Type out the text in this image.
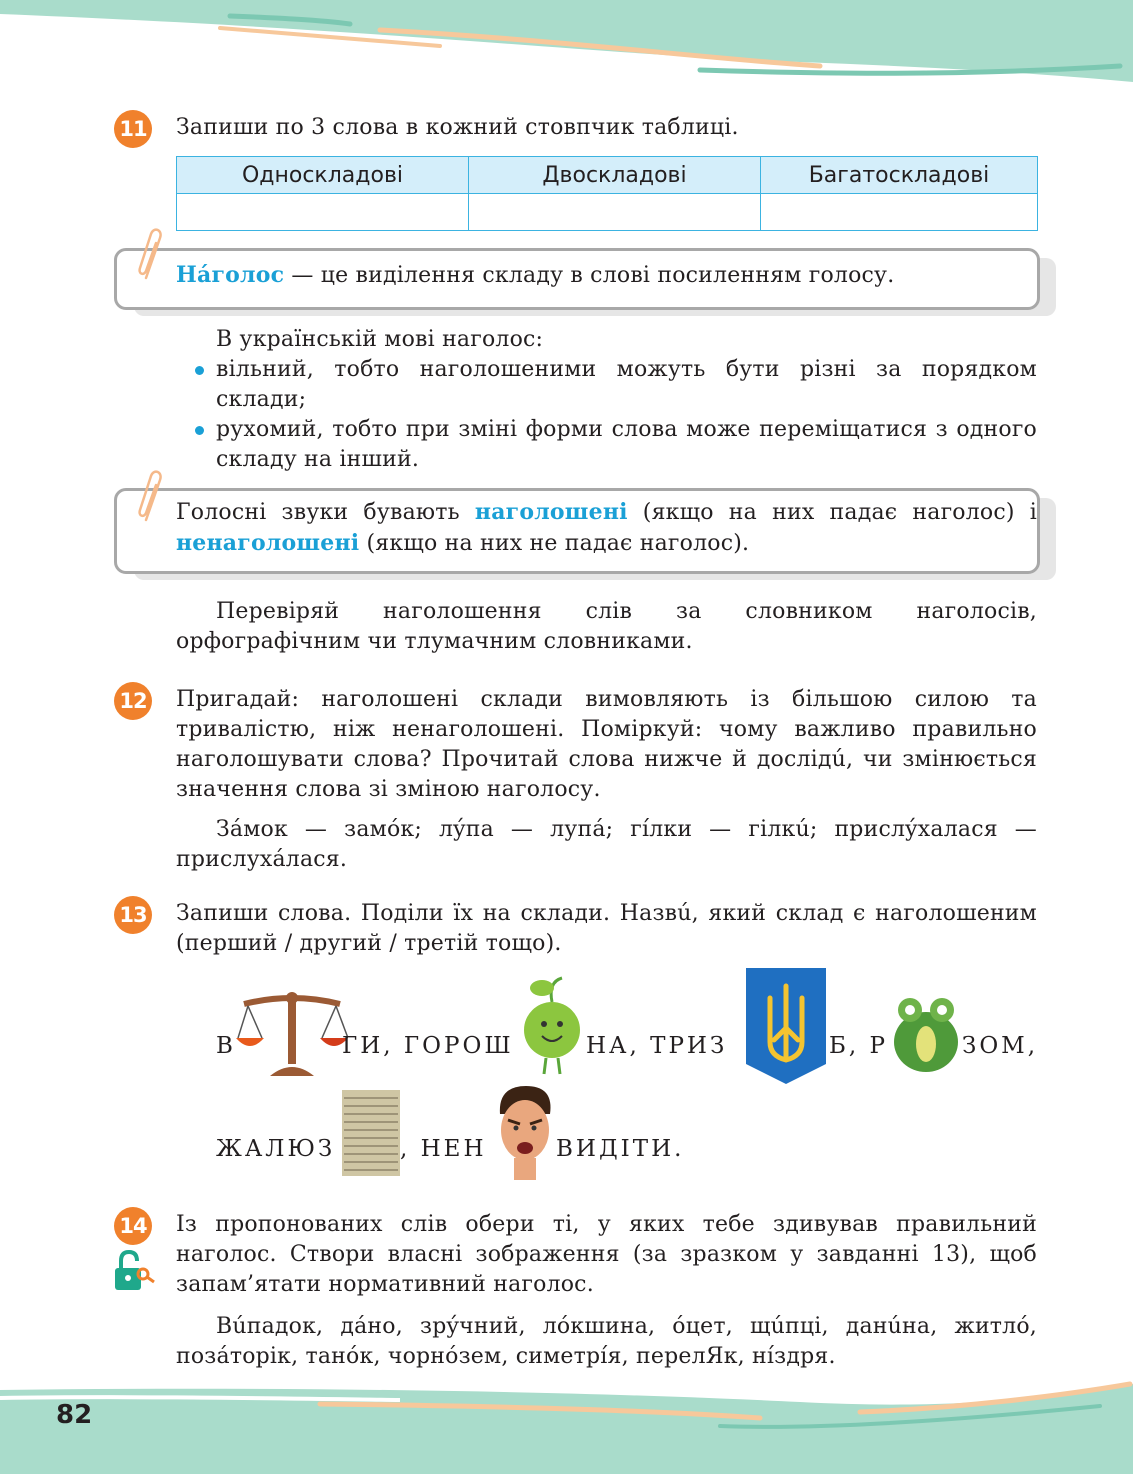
11 Запиши по 3 слова в кожний стовпчик таблиці.
Односкладові	Двоскладові	Багатоскладові

Нáголос — це виділення складу в слові посиленням голосу.
В українській мові наголос:
вільний, тобто наголошеними можуть бути різні за порядком склади;
рухомий, тобто при зміні форми слова може переміщатися з одного складу на інший.
Голосні звуки бувають наголошені (якщо на них падає наголос) і ненаголошені (якщо на них не падає наголос).
Перевіряй наголошення слів за словником наголосів, орфографічним чи тлумачним словниками.
12 Пригадай: наголошені склади вимовляють із більшою силою та тривалістю, ніж ненаголошені. Поміркуй: чому важливо правильно наголошувати слова? Прочитай слова нижче й дослідú, чи змінюється значення слова зі зміною наголосу.
Зáмок — замóк; лýпа — лупá; гíлки — гілкú; прислýхалася — прислухáлася.
13 Запиши слова. Поділи їх на склади. Назвú, який склад є наголошеним (перший / другий / третій тощо).
В	ГИ, ГОРОШ	НА, ТРИЗ	Б, Р	ЗОМ,
ЖАЛЮЗ	, НЕН	ВИДІТИ.
14 Із пропонованих слів обери ті, у яких тебе здивував правильний наголос. Створи власні зображення (за зразком у завданні 13), щоб запам’ятати нормативний наголос.
Вúпадок, дáно, зрýчний, лóкшина, óцет, щúпці, данúна, житлó, позáторік, танóк, чорнóзем, симетрíя, перелЯк, нíздря.
82
